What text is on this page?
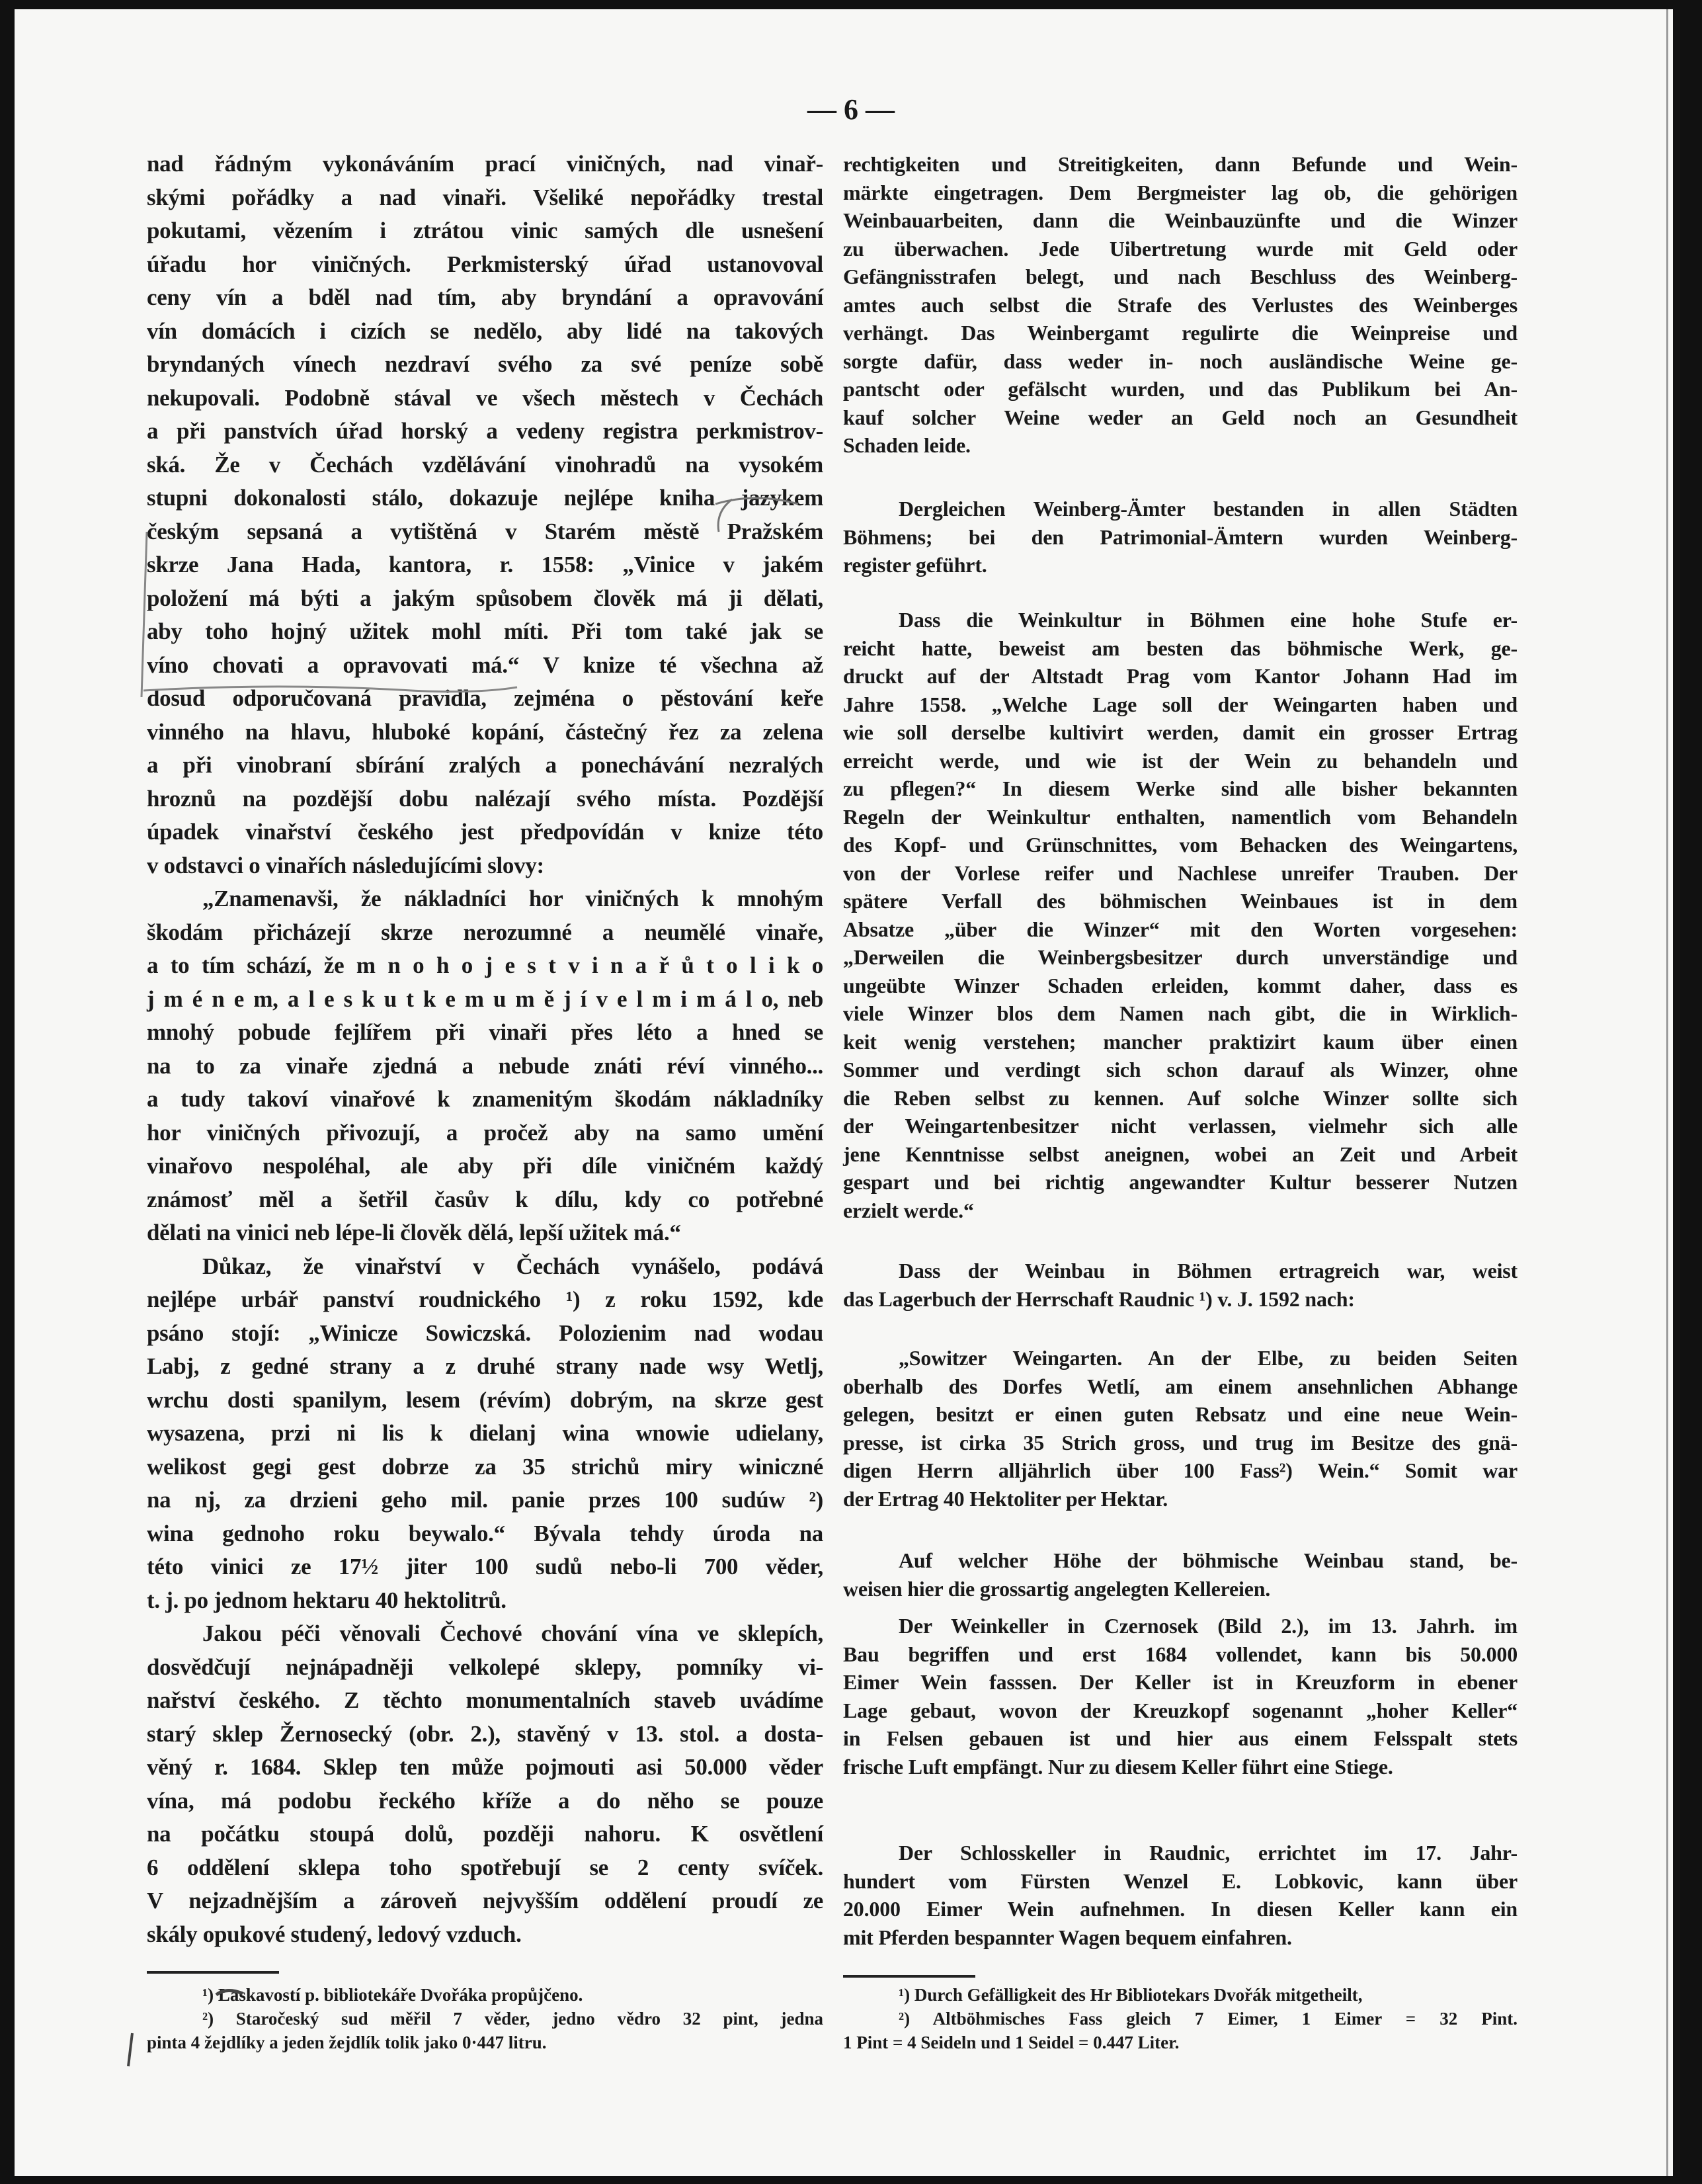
— 6 —
nad řádným vykonáváním prací viničných, nad vinař-
skými pořádky a nad vinaři. Všeliké nepořádky trestal
pokutami, vězením i ztrátou vinic samých dle usnešení
úřadu hor viničných. Perkmisterský úřad ustanovoval
ceny vín a bděl nad tím, aby bryndání a opravování
vín domácích i cizích se nedělo, aby lidé na takových
bryndaných vínech nezdraví svého za své peníze sobě
nekupovali. Podobně stával ve všech městech v Čechách
a při panstvích úřad horský a vedeny registra perkmistrov-
ská. Že v Čechách vzdělávání vinohradů na vysokém
stupni dokonalosti stálo, dokazuje nejlépe kniha jazykem
českým sepsaná a vytištěná v Starém městě Pražském
skrze Jana Hada, kantora, r. 1558: „Vinice v jakém
položení má býti a jakým spůsobem člověk má ji dělati,
aby toho hojný užitek mohl míti. Při tom také jak se
víno chovati a opravovati má.“ V knize té všechna až
dosud odporučovaná pravidla, zejména o pěstování keře
vinného na hlavu, hluboké kopání, částečný řez za zelena
a při vinobraní sbírání zralých a ponechávání nezralých
hroznů na pozdější dobu nalézají svého místa. Pozdější
úpadek vinařství českého jest předpovídán v knize této
v odstavci o vinařích následujícími slovy:
„Znamenavši, že nákladníci hor viničných k mnohým
škodám přicházejí skrze nerozumné a neumělé vinaře,
a to tím schází, že m n o h o j e s t v i n a ř ů t o l i k o
j m é n e m, a l e s k u t k e m u m ě j í v e l m i m á l o, neb
mnohý pobude fejlířem při vinaři přes léto a hned se
na to za vinaře zjedná a nebude znáti réví vinného...
a tudy takoví vinařové k znamenitým škodám nákladníky
hor viničných přivozují, a pročež aby na samo umění
vinařovo nespoléhal, ale aby při díle viničném každý
známosť měl a šetřil časův k dílu, kdy co potřebné
dělati na vinici neb lépe-li člověk dělá, lepší užitek má.“
Důkaz, že vinařství v Čechách vynášelo, podává
nejlépe urbář panství roudnického ¹) z roku 1592, kde
psáno stojí: „Winicze Sowiczská. Polozienim nad wodau
Labj, z gedné strany a z druhé strany nade wsy Wetlj,
wrchu dosti spanilym, lesem (révím) dobrým, na skrze gest
wysazena, przi ni lis k dielanj wina wnowie udielany,
welikost gegi gest dobrze za 35 strichů miry winiczné
na nj, za drzieni geho mil. panie przes 100 sudúw ²)
wina gednoho roku beywalo.“ Bývala tehdy úroda na
této vinici ze 17½ jiter 100 sudů nebo-li 700 věder,
t. j. po jednom hektaru 40 hektolitrů.
Jakou péči věnovali Čechové chování vína ve sklepích,
dosvědčují nejnápadněji velkolepé sklepy, pomníky vi-
nařství českého. Z těchto monumentalních staveb uvádíme
starý sklep Žernosecký (obr. 2.), stavěný v 13. stol. a dosta-
věný r. 1684. Sklep ten může pojmouti asi 50.000 věder
vína, má podobu řeckého kříže a do něho se pouze
na počátku stoupá dolů, později nahoru. K osvětlení
6 oddělení sklepa toho spotřebují se 2 centy svíček.
V nejzadnějším a zároveň nejvyšším oddělení proudí ze
skály opukové studený, ledový vzduch.
rechtigkeiten und Streitigkeiten, dann Befunde und Wein-
märkte eingetragen. Dem Bergmeister lag ob, die gehörigen
Weinbauarbeiten, dann die Weinbauzünfte und die Winzer
zu überwachen. Jede Uibertretung wurde mit Geld oder
Gefängnisstrafen belegt, und nach Beschluss des Weinberg-
amtes auch selbst die Strafe des Verlustes des Weinberges
verhängt. Das Weinbergamt regulirte die Weinpreise und
sorgte dafür, dass weder in- noch ausländische Weine ge-
pantscht oder gefälscht wurden, und das Publikum bei An-
kauf solcher Weine weder an Geld noch an Gesundheit
Schaden leide.
Dergleichen Weinberg-Ämter bestanden in allen Städten
Böhmens; bei den Patrimonial-Ämtern wurden Weinberg-
register geführt.
Dass die Weinkultur in Böhmen eine hohe Stufe er-
reicht hatte, beweist am besten das böhmische Werk, ge-
druckt auf der Altstadt Prag vom Kantor Johann Had im
Jahre 1558. „Welche Lage soll der Weingarten haben und
wie soll derselbe kultivirt werden, damit ein grosser Ertrag
erreicht werde, und wie ist der Wein zu behandeln und
zu pflegen?“ In diesem Werke sind alle bisher bekannten
Regeln der Weinkultur enthalten, namentlich vom Behandeln
des Kopf- und Grünschnittes, vom Behacken des Weingartens,
von der Vorlese reifer und Nachlese unreifer Trauben. Der
spätere Verfall des böhmischen Weinbaues ist in dem
Absatze „über die Winzer“ mit den Worten vorgesehen:
„Derweilen die Weinbergsbesitzer durch unverständige und
ungeübte Winzer Schaden erleiden, kommt daher, dass es
viele Winzer blos dem Namen nach gibt, die in Wirklich-
keit wenig verstehen; mancher praktizirt kaum über einen
Sommer und verdingt sich schon darauf als Winzer, ohne
die Reben selbst zu kennen. Auf solche Winzer sollte sich
der Weingartenbesitzer nicht verlassen, vielmehr sich alle
jene Kenntnisse selbst aneignen, wobei an Zeit und Arbeit
gespart und bei richtig angewandter Kultur besserer Nutzen
erzielt werde.“
Dass der Weinbau in Böhmen ertragreich war, weist
das Lagerbuch der Herrschaft Raudnic ¹) v. J. 1592 nach:
„Sowitzer Weingarten. An der Elbe, zu beiden Seiten
oberhalb des Dorfes Wetlí, am einem ansehnlichen Abhange
gelegen, besitzt er einen guten Rebsatz und eine neue Wein-
presse, ist cirka 35 Strich gross, und trug im Besitze des gnä-
digen Herrn alljährlich über 100 Fass²) Wein.“ Somit war
der Ertrag 40 Hektoliter per Hektar.
Auf welcher Höhe der böhmische Weinbau stand, be-
weisen hier die grossartig angelegten Kellereien.
Der Weinkeller in Czernosek (Bild 2.), im 13. Jahrh. im
Bau begriffen und erst 1684 vollendet, kann bis 50.000
Eimer Wein fasssen. Der Keller ist in Kreuzform in ebener
Lage gebaut, wovon der Kreuzkopf sogenannt „hoher Keller“
in Felsen gebauen ist und hier aus einem Felsspalt stets
frische Luft empfängt. Nur zu diesem Keller führt eine Stiege.
Der Schlosskeller in Raudnic, errichtet im 17. Jahr-
hundert vom Fürsten Wenzel E. Lobkovic, kann über
20.000 Eimer Wein aufnehmen. In diesen Keller kann ein
mit Pferden bespannter Wagen bequem einfahren.
¹) Laskavostí p. bibliotekáře Dvořáka propůjčeno.
²) Staročeský sud měřil 7 věder, jedno vědro 32 pint, jedna
pinta 4 žejdlíky a jeden žejdlík tolik jako 0·447 litru.
¹) Durch Gefälligkeit des Hr Bibliotekars Dvořák mitgetheilt,
²) Altböhmisches Fass gleich 7 Eimer, 1 Eimer = 32 Pint.
1 Pint = 4 Seideln und 1 Seidel = 0.447 Liter.
